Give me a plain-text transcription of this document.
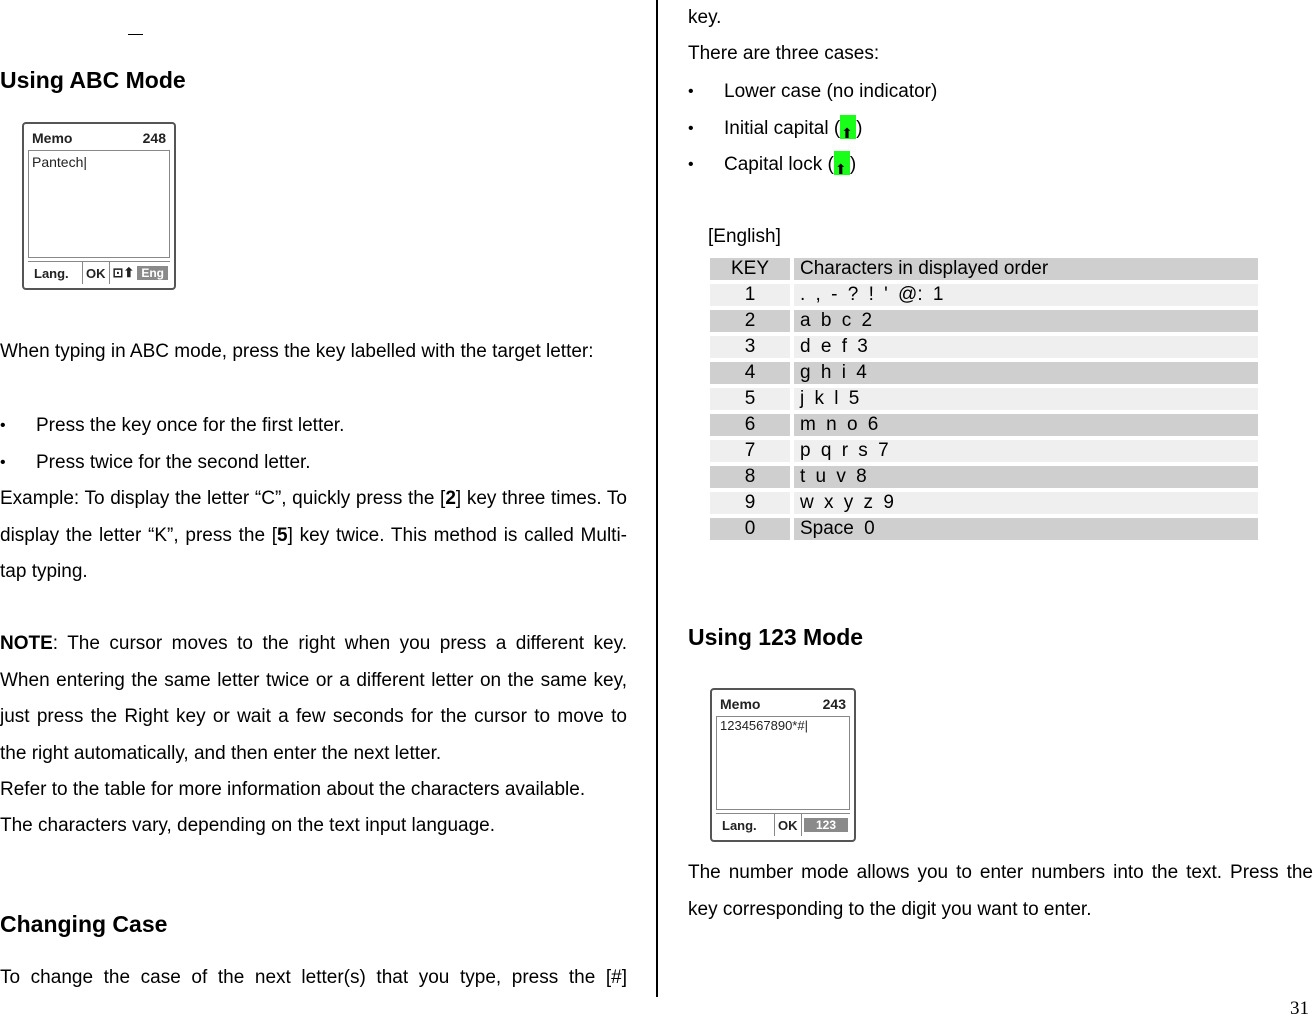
Using ABC Mode
Memo	248
Pantech|
Lang.	OK ⊡⬆ Eng

When typing in ABC mode, press the key labelled with the target letter:

• Press the key once for the first letter.
• Press twice for the second letter.

Example: To display the letter “C”, quickly press the [2] key three times. To display the letter “K”, press the [5] key twice. This method is called Multi-tap typing.

NOTE: The cursor moves to the right when you press a different key. When entering the same letter twice or a different letter on the same key, just press the Right key or wait a few seconds for the cursor to move to the right automatically, and then enter the next letter.

Refer to the table for more information about the characters available.

The characters vary, depending on the text input language.

Changing Case

To change the case of the next letter(s) that you type, press the [#]

key.

There are three cases:

• Lower case (no indicator)
• Initial capital ( ⬆ )
• Capital lock ( ⬆ )

[English]

Using 123 Mode
Memo	243
1234567890*#|
Lang.	OK	123

The number mode allows you to enter numbers into the text. Press the key corresponding to the digit you want to enter.

KEY	Characters in displayed order
1	. , - ? ! ' @: 1
2	a b c 2
3	d e f 3
4	g h i 4
5	j k l 5
6	m n o 6
7	p q r s 7
8	t u v 8
9	w x y z 9
0	Space 0
31
